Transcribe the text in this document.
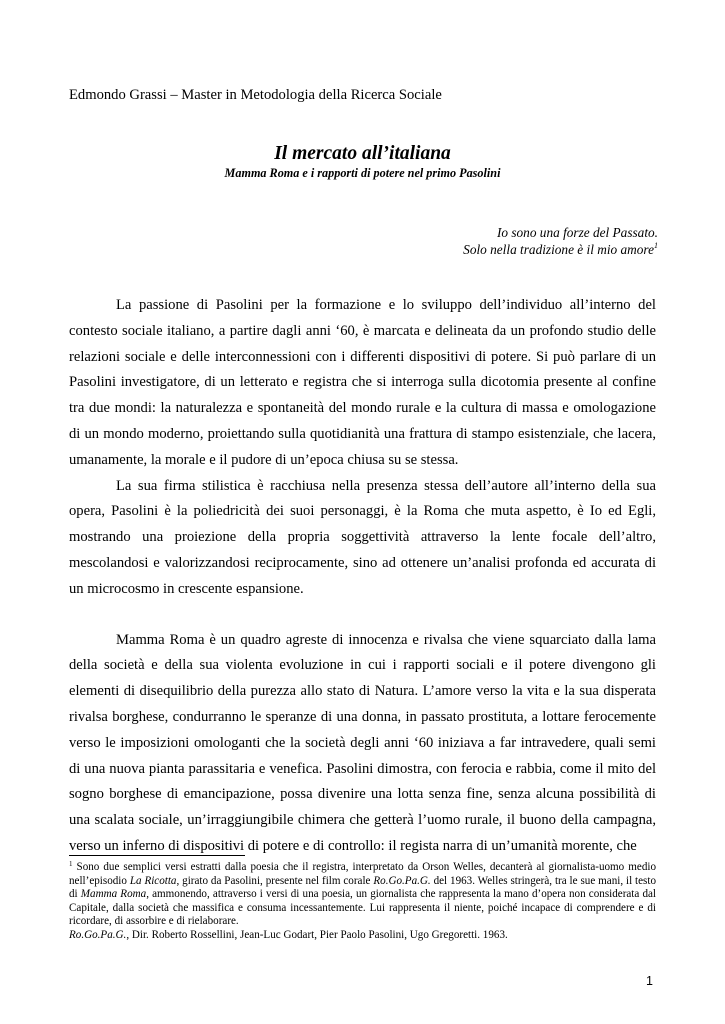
Edmondo Grassi – Master in Metodologia della Ricerca Sociale
Il mercato all’italiana
Mamma Roma e i rapporti di potere nel primo Pasolini
Io sono una forze del Passato.
Solo nella tradizione è il mio amore$^1$

La passione di Pasolini per la formazione e lo sviluppo dell’individuo all’interno del contesto sociale italiano, a partire dagli anni ‘60, è marcata e delineata da un profondo studio delle relazioni sociale e delle interconnessioni con i differenti dispositivi di potere. Si può parlare di un Pasolini investigatore, di un letterato e registra che si interroga sulla dicotomia presente al confine tra due mondi: la naturalezza e spontaneità del mondo rurale e la cultura di massa e omologazione di un mondo moderno, proiettando sulla quotidianità una frattura di stampo esistenziale, che lacera, umanamente, la morale e il pudore di un’epoca chiusa su se stessa.

La sua firma stilistica è racchiusa nella presenza stessa dell’autore all’interno della sua opera, Pasolini è la poliedricità dei suoi personaggi, è la Roma che muta aspetto, è Io ed Egli, mostrando una proiezione della propria soggettività attraverso la lente focale dell’altro, mescolandosi e valorizzandosi reciprocamente, sino ad ottenere un’analisi profonda ed accurata di un microcosmo in crescente espansione.

Mamma Roma è un quadro agreste di innocenza e rivalsa che viene squarciato dalla lama della società e della sua violenta evoluzione in cui i rapporti sociali e il potere divengono gli elementi di disequilibrio della purezza allo stato di Natura. L’amore verso la vita e la sua disperata rivalsa borghese, condurranno le speranze di una donna, in passato prostituta, a lottare ferocemente verso le imposizioni omologanti che la società degli anni ‘60 iniziava a far intravedere, quali semi di una nuova pianta parassitaria e venefica. Pasolini dimostra, con ferocia e rabbia, come il mito del sogno borghese di emancipazione, possa divenire una lotta senza fine, senza alcuna possibilità di una scalata sociale, un’irraggiungibile chimera che getterà l’uomo rurale, il buono della campagna, verso un inferno di dispositivi di potere e di controllo: il regista narra di un’umanità morente, che

$^1$ Sono due semplici versi estratti dalla poesia che il registra, interpretato da Orson Welles, decanterà al giornalista-uomo medio nell’episodio La Ricotta, girato da Pasolini, presente nel film corale Ro.Go.Pa.G. del 1963. Welles stringerà, tra le sue mani, il testo di Mamma Roma, ammonendo, attraverso i versi di una poesia, un giornalista che rappresenta la mano d’opera non considerata dal Capitale, dalla società che massifica e consuma incessantemente. Lui rappresenta il niente, poiché incapace di comprendere e di ricordare, di assorbire e di rielaborare.

Ro.Go.Pa.G., Dir. Roberto Rossellini, Jean-Luc Godart, Pier Paolo Pasolini, Ugo Gregoretti. 1963.

1
